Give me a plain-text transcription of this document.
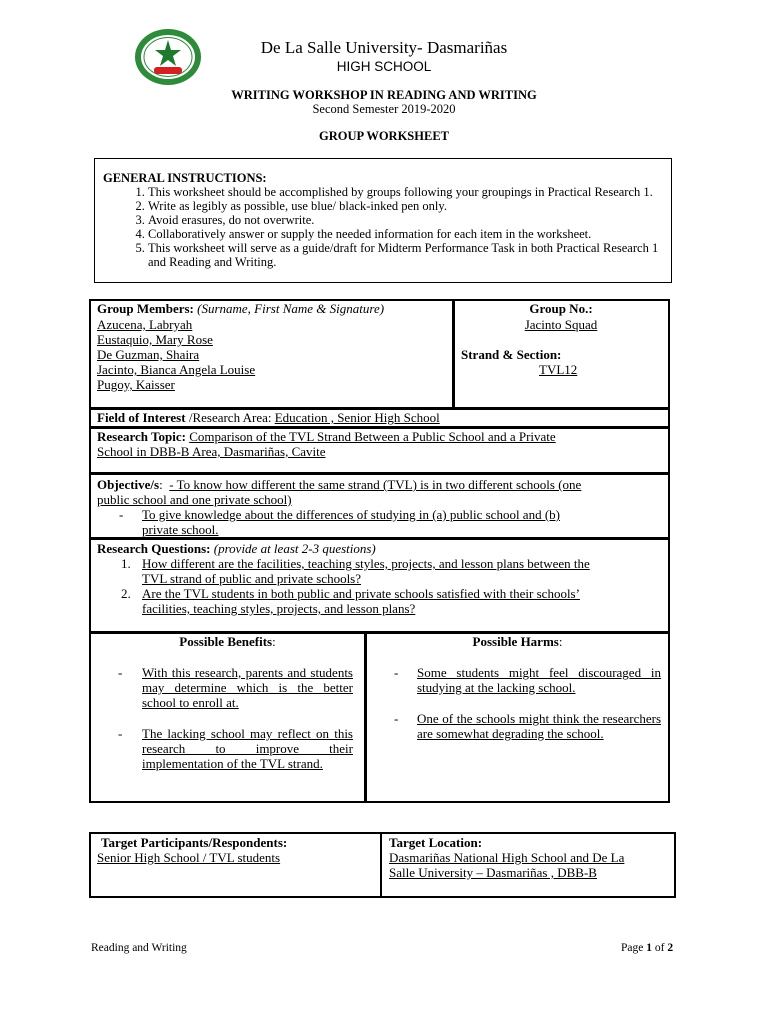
De La Salle University- Dasmariñas
HIGH SCHOOL
WRITING WORKSHOP IN READING AND WRITING
Second Semester 2019-2020
GROUP WORKSHEET
GENERAL INSTRUCTIONS:
1. This worksheet should be accomplished by groups following your groupings in Practical Research 1.
2. Write as legibly as possible, use blue/ black-inked pen only.
3. Avoid erasures, do not overwrite.
4. Collaboratively answer or supply the needed information for each item in the worksheet.
5. This worksheet will serve as a guide/draft for Midterm Performance Task in both Practical Research 1 and Reading and Writing.
Group Members: (Surname, First Name & Signature)
Azucena, Labryah
Eustaquio, Mary Rose
De Guzman, Shaira
Jacinto, Bianca Angela Louise
Pugoy, Kaisser
Group No.:
Jacinto Squad
Strand & Section:
TVL12
Field of Interest /Research Area: Education , Senior High School
Research Topic: Comparison of the TVL Strand Between a Public School and a Private
School in DBB-B Area, Dasmariñas, Cavite
Objective/s: - To know how different the same strand (TVL) is in two different schools (one
public school and one private school)
- To give knowledge about the differences of studying in (a) public school and (b)
private school.
Research Questions: (provide at least 2-3 questions)
1. How different are the facilities, teaching styles, projects, and lesson plans between the
TVL strand of public and private schools?
2. Are the TVL students in both public and private schools satisfied with their schools’
facilities, teaching styles, projects, and lesson plans?
Possible Benefits:
- With this research, parents and students may determine which is the better school to enroll at.
- The lacking school may reflect on this research to improve their implementation of the TVL strand.
Possible Harms:
- Some students might feel discouraged in studying at the lacking school.
- One of the schools might think the researchers are somewhat degrading the school.
Target Participants/Respondents:
Senior High School / TVL students
Target Location:
Dasmariñas National High School and De La
Salle University – Dasmariñas , DBB-B
Reading and Writing	Page 1 of 2
